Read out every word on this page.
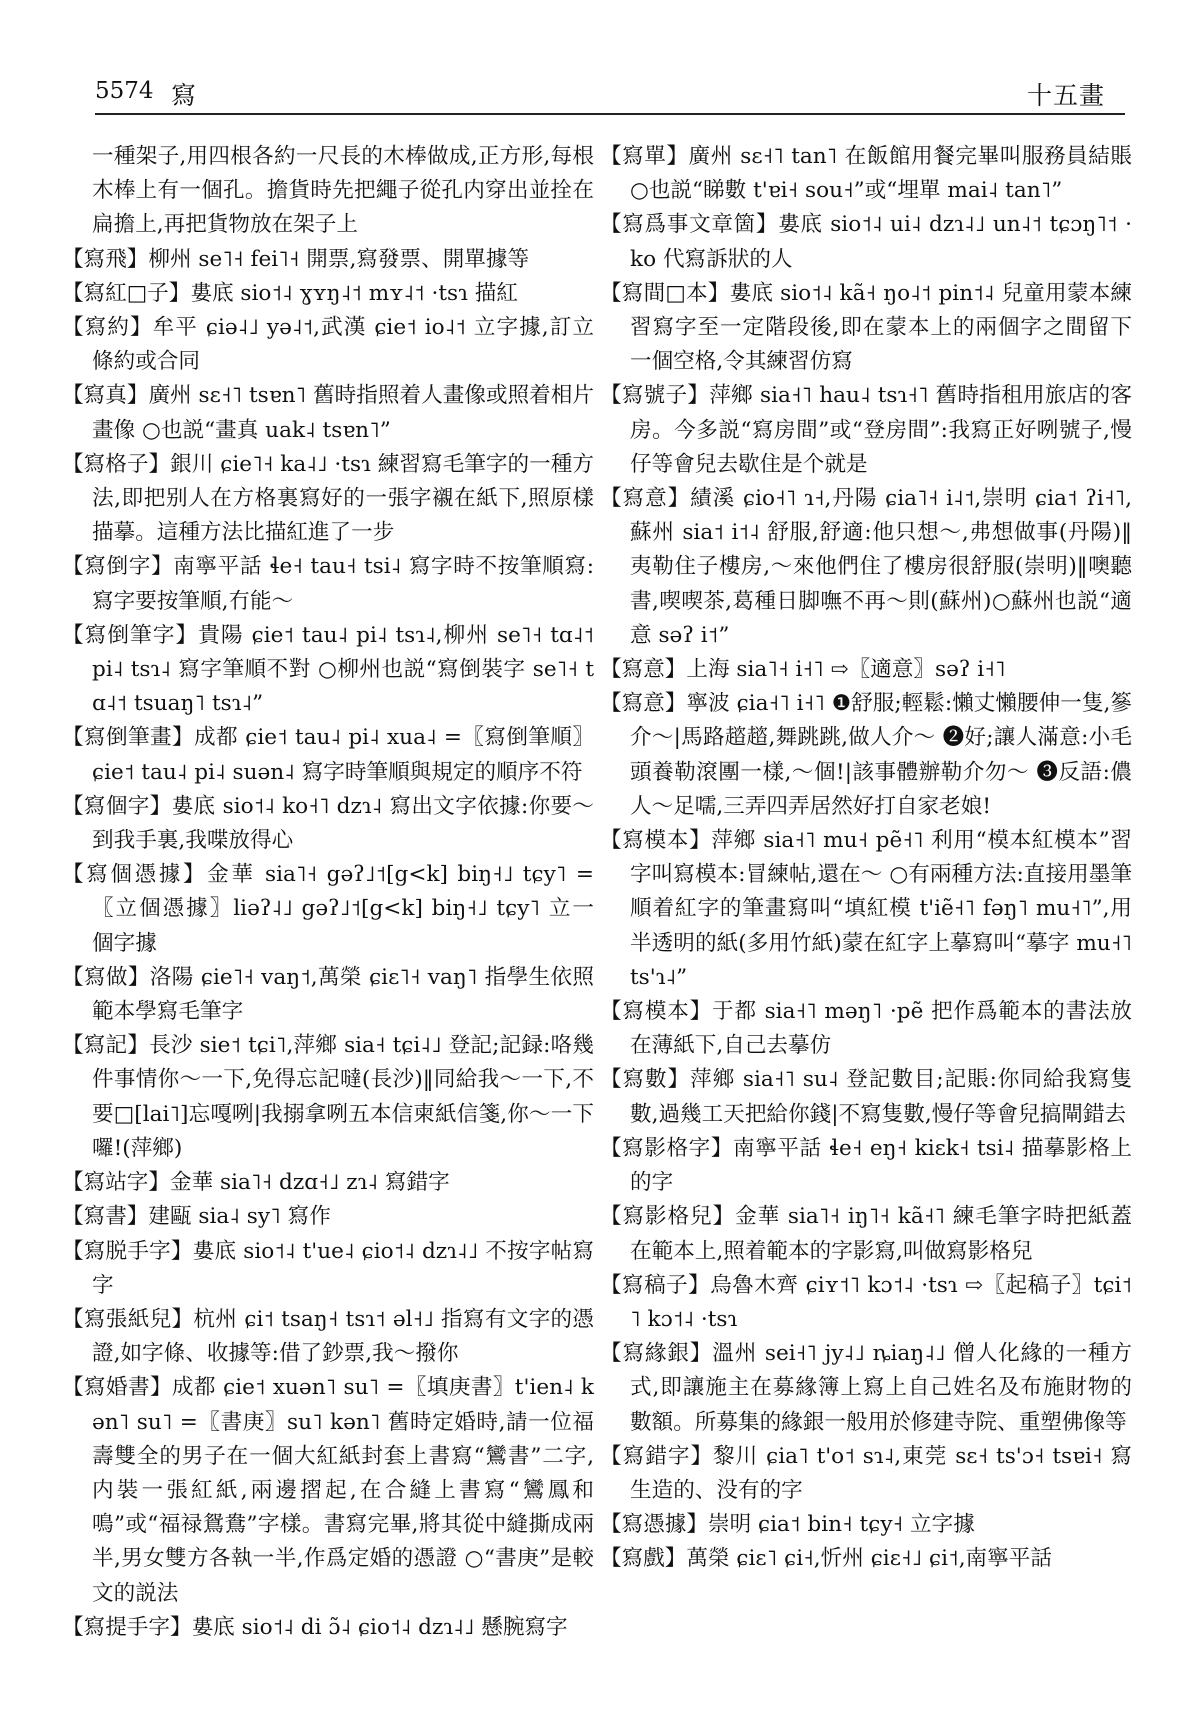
5574 寫	十五畫
一種架子,用四根各約一尺長的木棒做成,正方形,每根木棒上有一個孔。擔貨時先把繩子從孔内穿出並拴在扁擔上,再把貨物放在架子上
【寫飛】柳州 se˥˧ fei˥˧ 開票,寫發票、開單據等
【寫紅□子】婁底 sio˦˨ ɣʏŋ˨˦ mʏ˨˦ ·tsɿ 描紅
【寫約】牟平 ɕiə˨˩ yə˨˦,武漢 ɕie˦ io˨˦ 立字據,訂立條約或合同
【寫真】廣州 sɛ˧˥ tsɐn˥ 舊時指照着人畫像或照着相片畫像 ○也説“畫真 uak˨ tsɐn˥”
【寫格子】銀川 ɕie˥˧ ka˨˩ ·tsɿ 練習寫毛筆字的一種方法,即把别人在方格裏寫好的一張字襯在紙下,照原樣描摹。這種方法比描紅進了一步
【寫倒字】南寧平話 ɬe˧ tau˧ tsi˨ 寫字時不按筆順寫:寫字要按筆順,冇能～
【寫倒筆字】貴陽 ɕie˦ tau˨ pi˨ tsɿ˨,柳州 se˥˧ tɑ˨˦ pi˨ tsɿ˨ 寫字筆順不對 ○柳州也説“寫倒裝字 se˥˧ tɑ˨˦ tsuaŋ˥ tsɿ˨”
【寫倒筆畫】成都 ɕie˦ tau˨ pi˨ xua˨ =〖寫倒筆順〗ɕie˦ tau˨ pi˨ suən˨ 寫字時筆順與規定的順序不符
【寫個字】婁底 sio˦˨ ko˧˥ dzɿ˨ 寫出文字依據:你要～到我手裏,我喋放得心
【寫個憑據】金華 sia˥˧ gəʔ˩˦[g<k] biŋ˧˩ tɕy˥ =〖立個憑據〗liəʔ˨˩ gəʔ˩˦[g<k] biŋ˧˩ tɕy˥ 立一個字據
【寫做】洛陽 ɕie˥˧ vaŋ˦,萬榮 ɕiɛ˥˧ vaŋ˥ 指學生依照範本學寫毛筆字
【寫記】長沙 sie˦ tɕi˥,萍鄉 sia˧ tɕi˨˩ 登記;記録:咯幾件事情你～一下,免得忘記噠(長沙)‖同給我～一下,不要□[lai˥]忘嘎咧|我搦拿咧五本信柬紙信箋,你～一下囉!(萍鄉)
【寫站字】金華 sia˥˧ dzɑ˧˩ zɿ˨ 寫錯字
【寫書】建甌 sia˨ sy˥ 寫作
【寫脱手字】婁底 sio˦˨ t'ue˨ ɕio˦˨ dzɿ˨˩ 不按字帖寫字
【寫張紙兒】杭州 ɕi˦ tsaŋ˧ tsɿ˦ əl˧˩ 指寫有文字的憑證,如字條、收據等:借了鈔票,我～撥你
【寫婚書】成都 ɕie˦ xuən˥ su˥ =〖填庚書〗t'ien˨ kən˥ su˥ =〖書庚〗su˥ kən˥ 舊時定婚時,請一位福壽雙全的男子在一個大紅紙封套上書寫“鸞書”二字,内裝一張紅紙,兩邊摺起,在合縫上書寫“鸞鳳和鳴”或“福禄鴛鴦”字樣。書寫完畢,將其從中縫撕成兩半,男女雙方各執一半,作爲定婚的憑證 ○“書庚”是較文的説法
【寫提手字】婁底 sio˦˨ di ɔ̃˨ ɕio˦˨ dzɿ˨˩ 懸腕寫字
【寫單】廣州 sɛ˧˥ tan˥ 在飯館用餐完畢叫服務員結賬 ○也説“睇數 t'ɐi˧ sou˧”或“埋單 mai˨ tan˥”
【寫爲事文章箇】婁底 sio˦˨ ui˨ dzɿ˨˩ un˨˦ tɕɔŋ˥˦ ·ko 代寫訴狀的人
【寫間□本】婁底 sio˦˨ kã˧ ŋo˨˦ pin˦˨ 兒童用蒙本練習寫字至一定階段後,即在蒙本上的兩個字之間留下一個空格,令其練習仿寫
【寫號子】萍鄉 sia˧˥ hau˨ tsɿ˧˥ 舊時指租用旅店的客房。今多説“寫房間”或“登房間”:我寫正好咧號子,慢仔等會兒去歇住是个就是
【寫意】績溪 ɕio˧˥ ɿ˧,丹陽 ɕia˥˧ i˨˦,崇明 ɕia˦ ʔi˧˥,蘇州 sia˦ i˦˨ 舒服,舒適:他只想～,弗想做事(丹陽)‖夷勒住子樓房,～來他們住了樓房很舒服(崇明)‖噢聽書,喫喫茶,葛種日脚嘸不再～則(蘇州)○蘇州也説“適意 səʔ i˦”
【寫意】上海 sia˥˧ i˧˥ ⇨〖適意〗səʔ i˧˥
【寫意】寧波 ɕia˧˥ i˧˥ ❶舒服;輕鬆:懶丈懶腰伸一隻,篸介～|馬路趦趦,舞跳跳,做人介～ ❷好;讓人滿意:小毛頭養勒滾團一樣,～個!|該事體辦勒介勿～ ❸反語:儂人～足嚅,三弄四弄居然好打自家老娘!
【寫模本】萍鄉 sia˧˥ mu˧ pẽ˧˥ 利用“模本紅模本”習字叫寫模本:冒練帖,還在～ ○有兩種方法:直接用墨筆順着紅字的筆畫寫叫“填紅模 t'iẽ˧˥ fəŋ˥ mu˧˥”,用半透明的紙(多用竹紙)蒙在紅字上摹寫叫“摹字 mu˧˥ ts'ɿ˨”
【寫模本】于都 sia˧˥ məŋ˥ ·pẽ 把作爲範本的書法放在薄紙下,自己去摹仿
【寫數】萍鄉 sia˧˥ su˨ 登記數目;記賬:你同給我寫隻數,過幾工天把給你錢|不寫隻數,慢仔等會兒搞閘錯去
【寫影格字】南寧平話 ɬe˧ eŋ˧ kiɛk˧ tsi˨ 描摹影格上的字
【寫影格兒】金華 sia˥˧ iŋ˥˧ kã˧˥ 練毛筆字時把紙蓋在範本上,照着範本的字影寫,叫做寫影格兒
【寫稿子】烏魯木齊 ɕiʏ˦˥ kɔ˦˨ ·tsɿ ⇨〖起稿子〗tɕi˦˥ kɔ˦˨ ·tsɿ
【寫緣銀】溫州 sei˧˥ jy˨˩ ȵiaŋ˨˩ 僧人化緣的一種方式,即讓施主在募緣簿上寫上自己姓名及布施財物的數額。所募集的緣銀一般用於修建寺院、重塑佛像等
【寫錯字】黎川 ɕia˥ t'o˦ sɿ˨,東莞 sɛ˧ ts'ɔ˧ tsɐi˧ 寫生造的、没有的字
【寫憑據】崇明 ɕia˦ bin˧ tɕy˧ 立字據
【寫戲】萬榮 ɕiɛ˥ ɕi˧,忻州 ɕiɛ˧˩ ɕi˦,南寧平話
